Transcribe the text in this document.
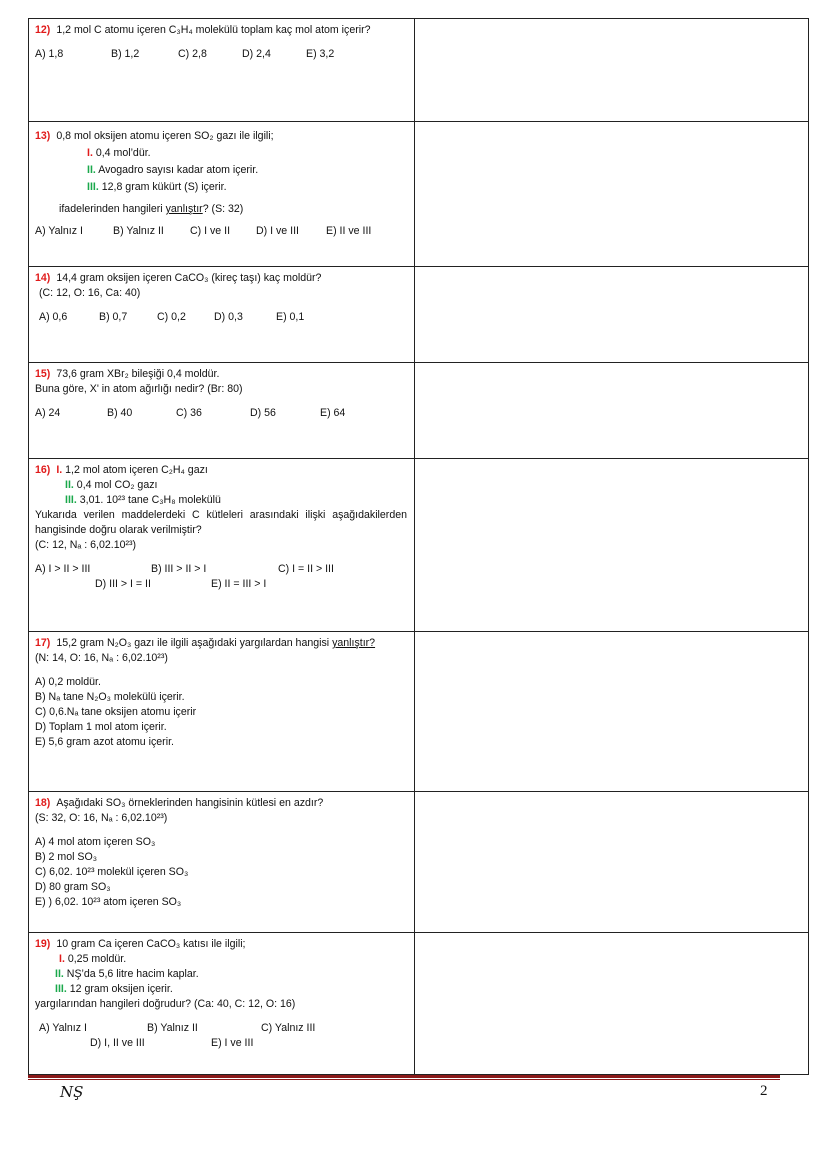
12) 1,2 mol C atomu içeren C₃H₄ molekülü toplam kaç mol atom içerir?
A) 1,8	B) 1,2	C) 2,8	D) 2,4	E) 3,2
13) 0,8 mol oksijen atomu içeren SO₂ gazı ile ilgili;
I. 0,4 mol’dür.
II. Avogadro sayısı kadar atom içerir.
III. 12,8 gram kükürt (S) içerir.
ifadelerinden hangileri yanlıştır? (S: 32)
A) Yalnız I	B) Yalnız II	C) I ve II	D) I ve III	E) II ve III
14) 14,4 gram oksijen içeren CaCO₃ (kireç taşı) kaç moldür?
(C: 12, O: 16, Ca: 40)
A) 0,6	B) 0,7	C) 0,2	D) 0,3	E) 0,1
15) 73,6 gram XBr₂ bileşiği 0,4 moldür.
Buna göre, X' in atom ağırlığı nedir? (Br: 80)
A) 24	B) 40	C) 36	D) 56	E) 64
16) I. 1,2 mol atom içeren C₂H₄ gazı
II. 0,4 mol CO₂ gazı
III. 3,01. 10²³ tane C₃H₈ molekülü
Yukarıda verilen maddelerdeki C kütleleri arasındaki ilişki aşağıdakilerden hangisinde doğru olarak verilmiştir?
(C: 12, Nₐ : 6,02.10²³)
A) I > II > III	B) III > II > I	C) I = II > III
D) III > I = II	E) II = III > I
17) 15,2 gram N₂O₃ gazı ile ilgili aşağıdaki yargılardan hangisi yanlıştır?
(N: 14, O: 16, Nₐ : 6,02.10²³)
A) 0,2 moldür.
B) Nₐ tane N₂O₃ molekülü içerir.
C) 0,6.Nₐ tane oksijen atomu içerir
D) Toplam 1 mol atom içerir.
E) 5,6 gram azot atomu içerir.
18) Aşağıdaki SO₃ örneklerinden hangisinin kütlesi en azdır?
(S: 32, O: 16, Nₐ : 6,02.10²³)
A) 4 mol atom içeren SO₃
B) 2 mol SO₃
C) 6,02. 10²³ molekül içeren SO₃
D) 80 gram SO₃
E) ) 6,02. 10²³ atom içeren SO₃
19) 10 gram Ca içeren CaCO₃ katısı ile ilgili;
I. 0,25 moldür.
II. NŞ’da 5,6 litre hacim kaplar.
III. 12 gram oksijen içerir.
yargılarından hangileri doğrudur? (Ca: 40, C: 12, O: 16)
A) Yalnız I	B) Yalnız II	C) Yalnız III
D) I, II ve III	E) I ve III
NŞ	2
